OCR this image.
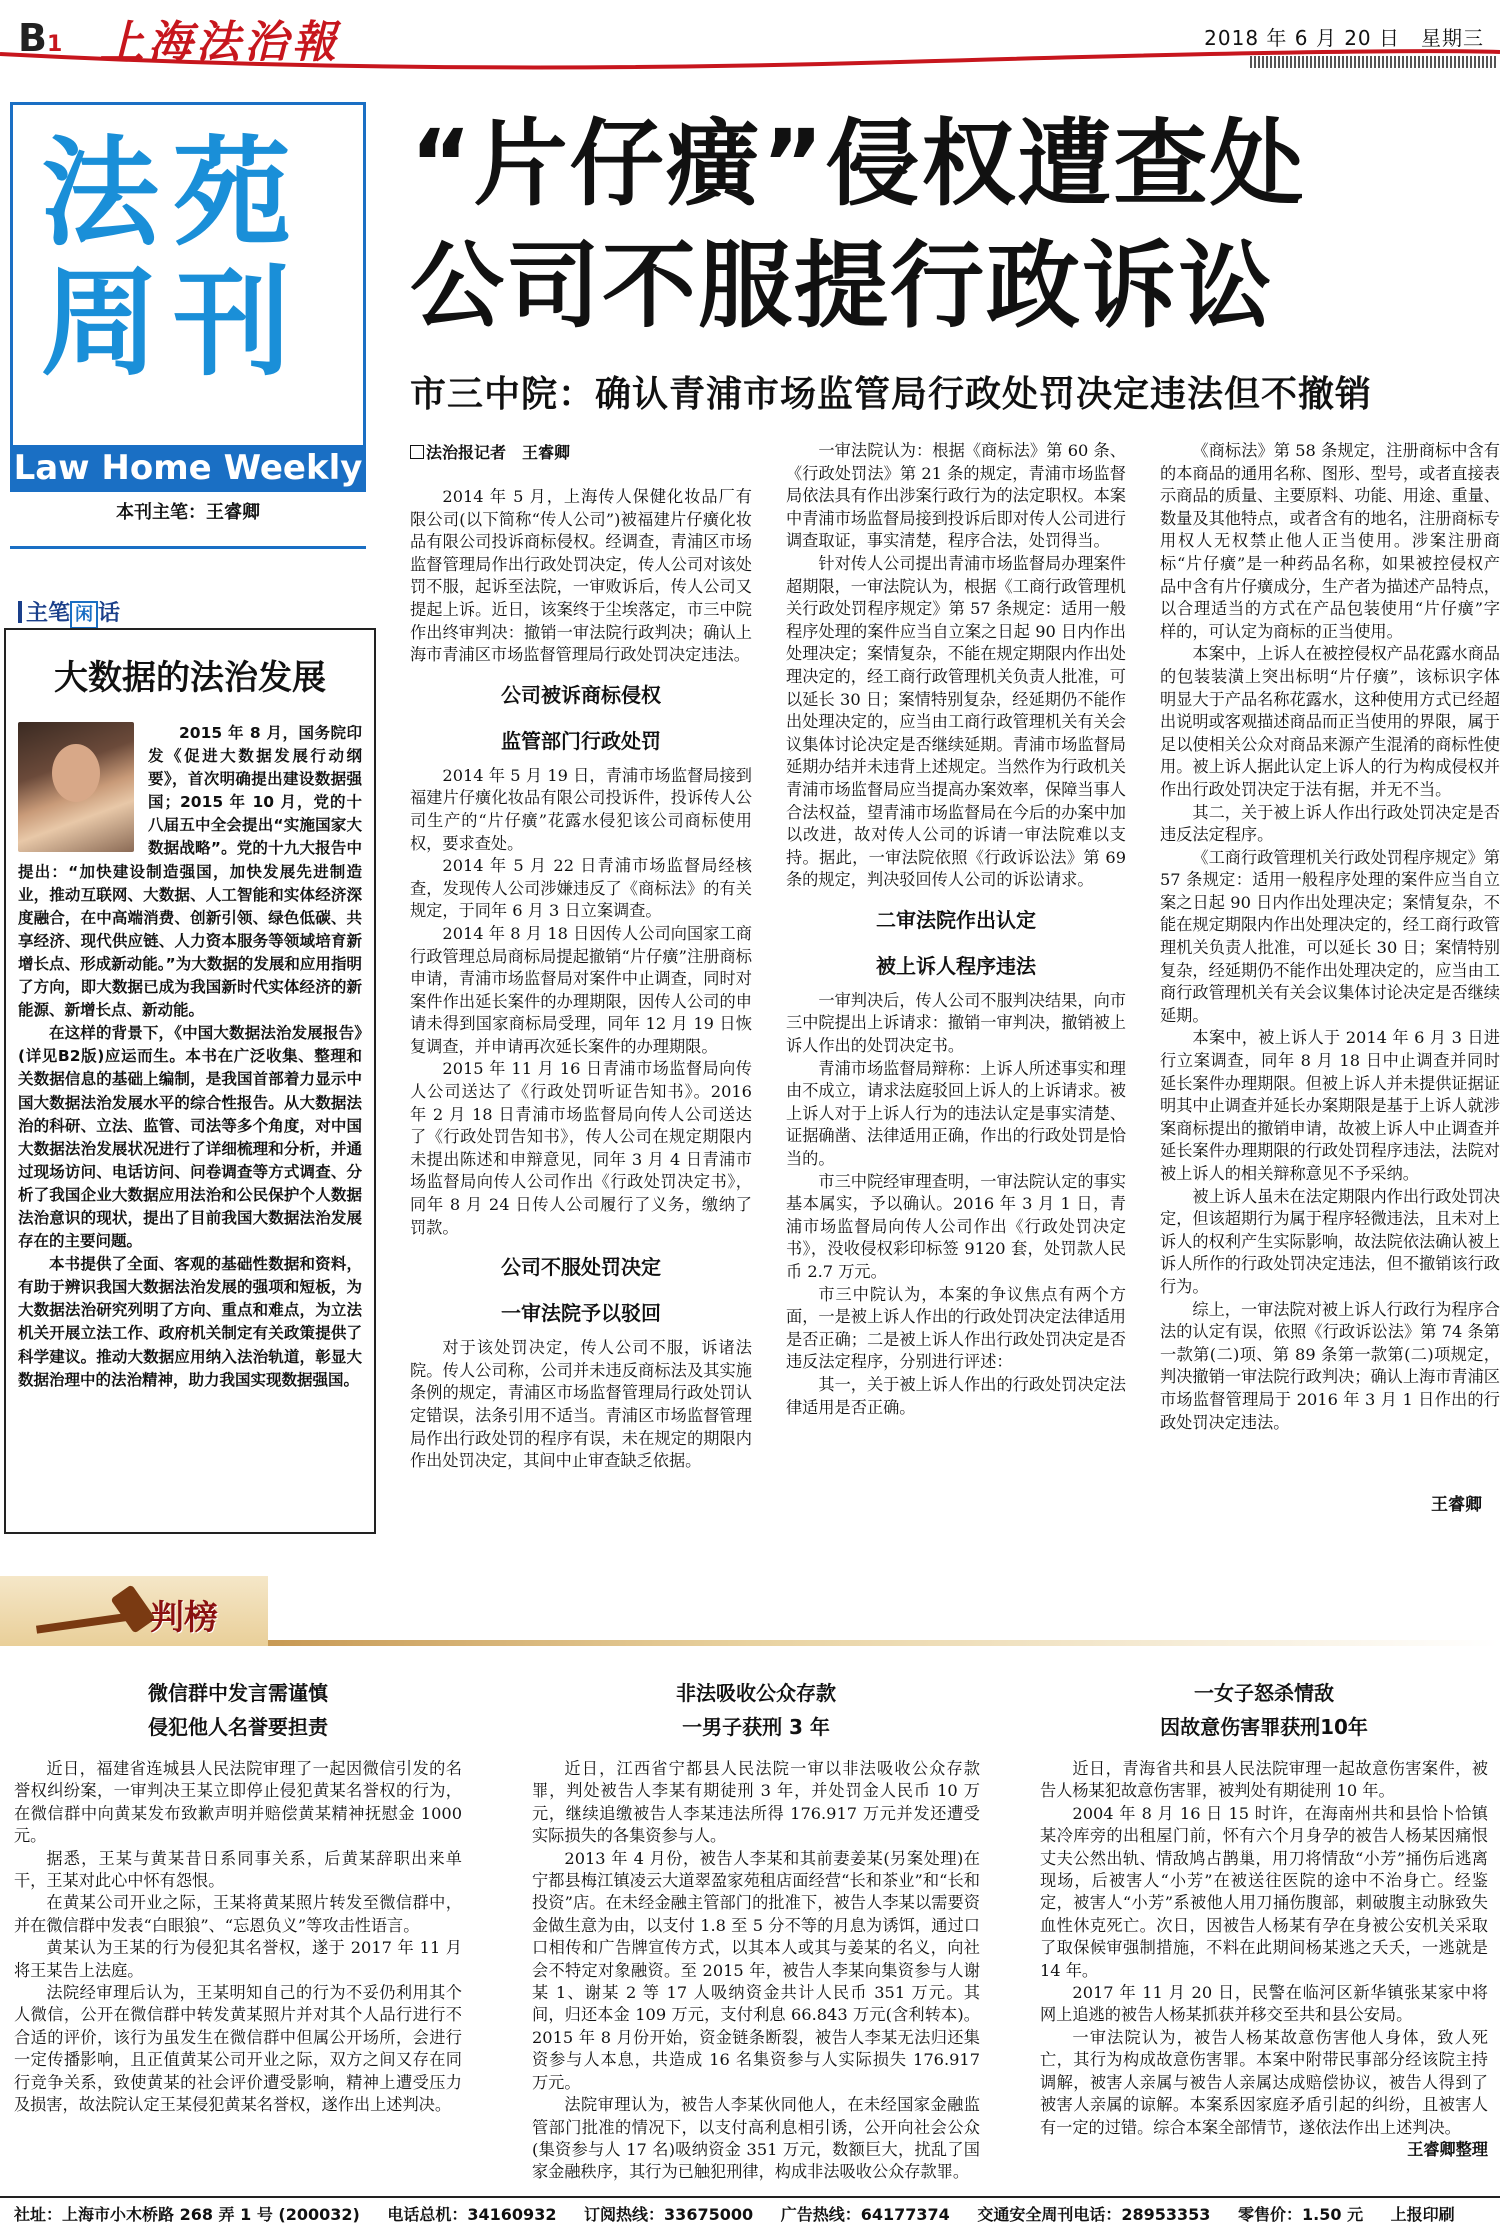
B1 上海法治報	2018 年 6 月 20 日　星期三
法苑
周刊
Law Home Weekly
本刊主笔：王睿卿
“片仔癀”侵权遭查处
公司不服提行政诉讼
市三中院：确认青浦市场监管局行政处罚决定违法但不撤销
主笔 闲 话
大数据的法治发展

2015 年 8 月，国务院印发《促进大数据发展行动纲要》，首次明确提出建设数据强国；2015 年 10 月，党的十八届五中全会提出“实施国家大数据战略”。党的十九大报告中提出：“加快建设制造强国，加快发展先进制造业，推动互联网、大数据、人工智能和实体经济深度融合，在中高端消费、创新引领、绿色低碳、共享经济、现代供应链、人力资本服务等领域培育新增长点、形成新动能。”为大数据的发展和应用指明了方向，即大数据已成为我国新时代实体经济的新能源、新增长点、新动能。

在这样的背景下，《中国大数据法治发展报告》(详见B2版)应运而生。本书在广泛收集、整理和关数据信息的基础上编制，是我国首部着力显示中国大数据法治发展水平的综合性报告。从大数据法治的科研、立法、监管、司法等多个角度，对中国大数据法治发展状况进行了详细梳理和分析，并通过现场访问、电话访问、问卷调查等方式调查、分析了我国企业大数据应用法治和公民保护个人数据法治意识的现状，提出了目前我国大数据法治发展存在的主要问题。

本书提供了全面、客观的基础性数据和资料，有助于辨识我国大数据法治发展的强项和短板，为大数据法治研究列明了方向、重点和难点，为立法机关开展立法工作、政府机关制定有关政策提供了科学建议。推动大数据应用纳入法治轨道，彰显大数据治理中的法治精神，助力我国实现数据强国。

王睿卿
法治报记者　王睿卿

2014 年 5 月，上海传人保健化妆品厂有限公司(以下简称“传人公司”)被福建片仔癀化妆品有限公司投诉商标侵权。经调查，青浦区市场监督管理局作出行政处罚决定，传人公司对该处罚不服，起诉至法院，一审败诉后，传人公司又提起上诉。近日，该案终于尘埃落定，市三中院作出终审判决：撤销一审法院行政判决；确认上海市青浦区市场监督管理局行政处罚决定违法。

公司被诉商标侵权
监管部门行政处罚

2014 年 5 月 19 日，青浦市场监督局接到福建片仔癀化妆品有限公司投诉件，投诉传人公司生产的“片仔癀”花露水侵犯该公司商标使用权，要求查处。

2014 年 5 月 22 日青浦市场监督局经核查，发现传人公司涉嫌违反了《商标法》的有关规定，于同年 6 月 3 日立案调查。

2014 年 8 月 18 日因传人公司向国家工商行政管理总局商标局提起撤销“片仔癀”注册商标申请，青浦市场监督局对案件中止调查，同时对案件作出延长案件的办理期限，因传人公司的申请未得到国家商标局受理，同年 12 月 19 日恢复调查，并申请再次延长案件的办理期限。

2015 年 11 月 16 日青浦市场监督局向传人公司送达了《行政处罚听证告知书》。2016 年 2 月 18 日青浦市场监督局向传人公司送达了《行政处罚告知书》，传人公司在规定期限内未提出陈述和申辩意见，同年 3 月 4 日青浦市场监督局向传人公司作出《行政处罚决定书》，同年 8 月 24 日传人公司履行了义务，缴纳了罚款。

公司不服处罚决定
一审法院予以驳回

对于该处罚决定，传人公司不服，诉诸法院。传人公司称，公司并未违反商标法及其实施条例的规定，青浦区市场监督管理局行政处罚认定错误，法条引用不适当。青浦区市场监督管理局作出行政处罚的程序有误，未在规定的期限内作出处罚决定，其间中止审查缺乏依据。

一审法院认为：根据《商标法》第 60 条、《行政处罚法》第 21 条的规定，青浦市场监督局依法具有作出涉案行政行为的法定职权。本案中青浦市场监督局接到投诉后即对传人公司进行调查取证，事实清楚，程序合法，处罚得当。

针对传人公司提出青浦市场监督局办理案件超期限，一审法院认为，根据《工商行政管理机关行政处罚程序规定》第 57 条规定：适用一般程序处理的案件应当自立案之日起 90 日内作出处理决定；案情复杂，不能在规定期限内作出处理决定的，经工商行政管理机关负责人批准，可以延长 30 日；案情特别复杂，经延期仍不能作出处理决定的，应当由工商行政管理机关有关会议集体讨论决定是否继续延期。青浦市场监督局延期办结并未违背上述规定。当然作为行政机关青浦市场监督局应当提高办案效率，保障当事人合法权益，望青浦市场监督局在今后的办案中加以改进，故对传人公司的诉请一审法院难以支持。据此，一审法院依照《行政诉讼法》第 69 条的规定，判决驳回传人公司的诉讼请求。

二审法院作出认定
被上诉人程序违法

一审判决后，传人公司不服判决结果，向市三中院提出上诉请求：撤销一审判决，撤销被上诉人作出的处罚决定书。

青浦市场监督局辩称：上诉人所述事实和理由不成立，请求法庭驳回上诉人的上诉请求。被上诉人对于上诉人行为的违法认定是事实清楚、证据确凿、法律适用正确，作出的行政处罚是恰当的。

市三中院经审理查明，一审法院认定的事实基本属实，予以确认。2016 年 3 月 1 日，青浦市场监督局向传人公司作出《行政处罚决定书》，没收侵权彩印标签 9120 套，处罚款人民币 2.7 万元。

市三中院认为，本案的争议焦点有两个方面，一是被上诉人作出的行政处罚决定法律适用是否正确；二是被上诉人作出行政处罚决定是否违反法定程序，分别进行评述：

其一，关于被上诉人作出的行政处罚决定法律适用是否正确。

《商标法》第 58 条规定，注册商标中含有的本商品的通用名称、图形、型号，或者直接表示商品的质量、主要原料、功能、用途、重量、数量及其他特点，或者含有的地名，注册商标专用权人无权禁止他人正当使用。涉案注册商标“片仔癀”是一种药品名称，如果被控侵权产品中含有片仔癀成分，生产者为描述产品特点，以合理适当的方式在产品包装使用“片仔癀”字样的，可认定为商标的正当使用。

本案中，上诉人在被控侵权产品花露水商品的包装装潢上突出标明“片仔癀”，该标识字体明显大于产品名称花露水，这种使用方式已经超出说明或客观描述商品而正当使用的界限，属于足以使相关公众对商品来源产生混淆的商标性使用。被上诉人据此认定上诉人的行为构成侵权并作出行政处罚决定于法有据，并无不当。

其二，关于被上诉人作出行政处罚决定是否违反法定程序。

《工商行政管理机关行政处罚程序规定》第 57 条规定：适用一般程序处理的案件应当自立案之日起 90 日内作出处理决定；案情复杂，不能在规定期限内作出处理决定的，经工商行政管理机关负责人批准，可以延长 30 日；案情特别复杂，经延期仍不能作出处理决定的，应当由工商行政管理机关有关会议集体讨论决定是否继续延期。

本案中，被上诉人于 2014 年 6 月 3 日进行立案调查，同年 8 月 18 日中止调查并同时延长案件办理期限。但被上诉人并未提供证据证明其中止调查并延长办案期限是基于上诉人就涉案商标提出的撤销申请，故被上诉人中止调查并延长案件办理期限的行政处罚程序违法，法院对被上诉人的相关辩称意见不予采纳。

被上诉人虽未在法定期限内作出行政处罚决定，但该超期行为属于程序轻微违法，且未对上诉人的权利产生实际影响，故法院依法确认被上诉人所作的行政处罚决定违法，但不撤销该行政行为。

综上，一审法院对被上诉人行政行为程序合法的认定有误，依照《行政诉讼法》第 74 条第一款第(二)项、第 89 条第一款第(二)项规定，判决撤销一审法院行政判决；确认上海市青浦区市场监督管理局于 2016 年 3 月 1 日作出的行政处罚决定违法。

判榜
微信群中发言需谨慎
侵犯他人名誉要担责

近日，福建省连城县人民法院审理了一起因微信引发的名誉权纠纷案，一审判决王某立即停止侵犯黄某名誉权的行为，在微信群中向黄某发布致歉声明并赔偿黄某精神抚慰金 1000 元。

据悉，王某与黄某昔日系同事关系，后黄某辞职出来单干，王某对此心中怀有怨恨。

在黄某公司开业之际，王某将黄某照片转发至微信群中，并在微信群中发表“白眼狼”、“忘恩负义”等攻击性语言。

黄某认为王某的行为侵犯其名誉权，遂于 2017 年 11 月将王某告上法庭。

法院经审理后认为，王某明知自己的行为不妥仍利用其个人微信，公开在微信群中转发黄某照片并对其个人品行进行不合适的评价，该行为虽发生在微信群中但属公开场所，会进行一定传播影响，且正值黄某公司开业之际，双方之间又存在同行竞争关系，致使黄某的社会评价遭受影响，精神上遭受压力及损害，故法院认定王某侵犯黄某名誉权，遂作出上述判决。

非法吸收公众存款
一男子获刑 3 年

近日，江西省宁都县人民法院一审以非法吸收公众存款罪，判处被告人李某有期徒刑 3 年，并处罚金人民币 10 万元，继续追缴被告人李某违法所得 176.917 万元并发还遭受实际损失的各集资参与人。

2013 年 4 月份，被告人李某和其前妻姜某(另案处理)在宁都县梅江镇凌云大道翠盈家苑租店面经营“长和茶业”和“长和投资”店。在未经金融主管部门的批准下，被告人李某以需要资金做生意为由，以支付 1.8 至 5 分不等的月息为诱饵，通过口口相传和广告牌宣传方式，以其本人或其与姜某的名义，向社会不特定对象融资。至 2015 年，被告人李某向集资参与人谢某 1、谢某 2 等 17 人吸纳资金共计人民币 351 万元。其间，归还本金 109 万元，支付利息 66.843 万元(含利转本)。2015 年 8 月份开始，资金链条断裂，被告人李某无法归还集资参与人本息，共造成 16 名集资参与人实际损失 176.917 万元。

法院审理认为，被告人李某伙同他人，在未经国家金融监管部门批准的情况下，以支付高利息相引诱，公开向社会公众(集资参与人 17 名)吸纳资金 351 万元，数额巨大，扰乱了国家金融秩序，其行为已触犯刑律，构成非法吸收公众存款罪。

一女子怒杀情敌
因故意伤害罪获刑10年

近日，青海省共和县人民法院审理一起故意伤害案件，被告人杨某犯故意伤害罪，被判处有期徒刑 10 年。

2004 年 8 月 16 日 15 时许，在海南州共和县恰卜恰镇某冷库旁的出租屋门前，怀有六个月身孕的被告人杨某因痛恨丈夫公然出轨、情敌鸠占鹊巢，用刀将情敌“小芳”捅伤后逃离现场，后被害人“小芳”在被送往医院的途中不治身亡。经鉴定，被害人“小芳”系被他人用刀捅伤腹部，刺破腹主动脉致失血性休克死亡。次日，因被告人杨某有孕在身被公安机关采取了取保候审强制措施，不料在此期间杨某逃之夭夭，一逃就是 14 年。

2017 年 11 月 20 日，民警在临河区新华镇张某家中将网上追逃的被告人杨某抓获并移交至共和县公安局。

一审法院认为，被告人杨某故意伤害他人身体，致人死亡，其行为构成故意伤害罪。本案中附带民事部分经该院主持调解，被害人亲属与被告人亲属达成赔偿协议，被告人得到了被害人亲属的谅解。本案系因家庭矛盾引起的纠纷，且被害人有一定的过错。综合本案全部情节，遂依法作出上述判决。

王睿卿整理
社址：上海市小木桥路 268 弄 1 号 (200032) 电话总机：34160932 订阅热线：33675000 广告热线：64177374 交通安全周刊电话：28953353 零售价：1.50 元 上报印刷
